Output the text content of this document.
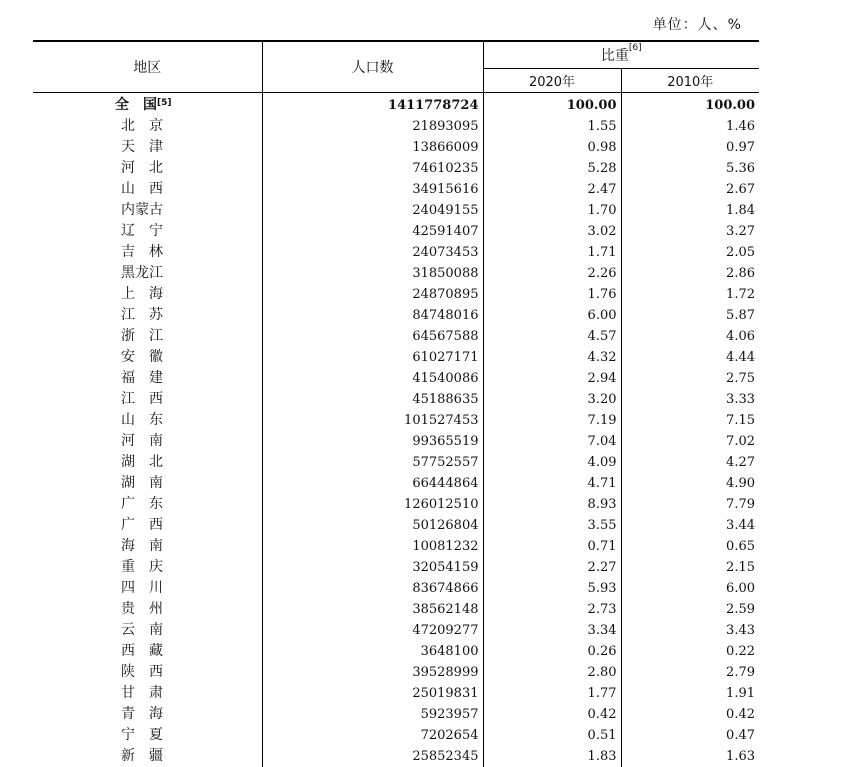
单位：人、%
地区	人口数	比重[6]
		2020年	2010年
全　国[5]	1411778724	100.00	100.00
北　京	21893095	1.55	1.46
天　津	13866009	0.98	0.97
河　北	74610235	5.28	5.36
山　西	34915616	2.47	2.67
内蒙古	24049155	1.70	1.84
辽　宁	42591407	3.02	3.27
吉　林	24073453	1.71	2.05
黑龙江	31850088	2.26	2.86
上　海	24870895	1.76	1.72
江　苏	84748016	6.00	5.87
浙　江	64567588	4.57	4.06
安　徽	61027171	4.32	4.44
福　建	41540086	2.94	2.75
江　西	45188635	3.20	3.33
山　东	101527453	7.19	7.15
河　南	99365519	7.04	7.02
湖　北	57752557	4.09	4.27
湖　南	66444864	4.71	4.90
广　东	126012510	8.93	7.79
广　西	50126804	3.55	3.44
海　南	10081232	0.71	0.65
重　庆	32054159	2.27	2.15
四　川	83674866	5.93	6.00
贵　州	38562148	2.73	2.59
云　南	47209277	3.34	3.43
西　藏	3648100	0.26	0.22
陕　西	39528999	2.80	2.79
甘　肃	25019831	1.77	1.91
青　海	5923957	0.42	0.42
宁　夏	7202654	0.51	0.47
新　疆	25852345	1.83	1.63
